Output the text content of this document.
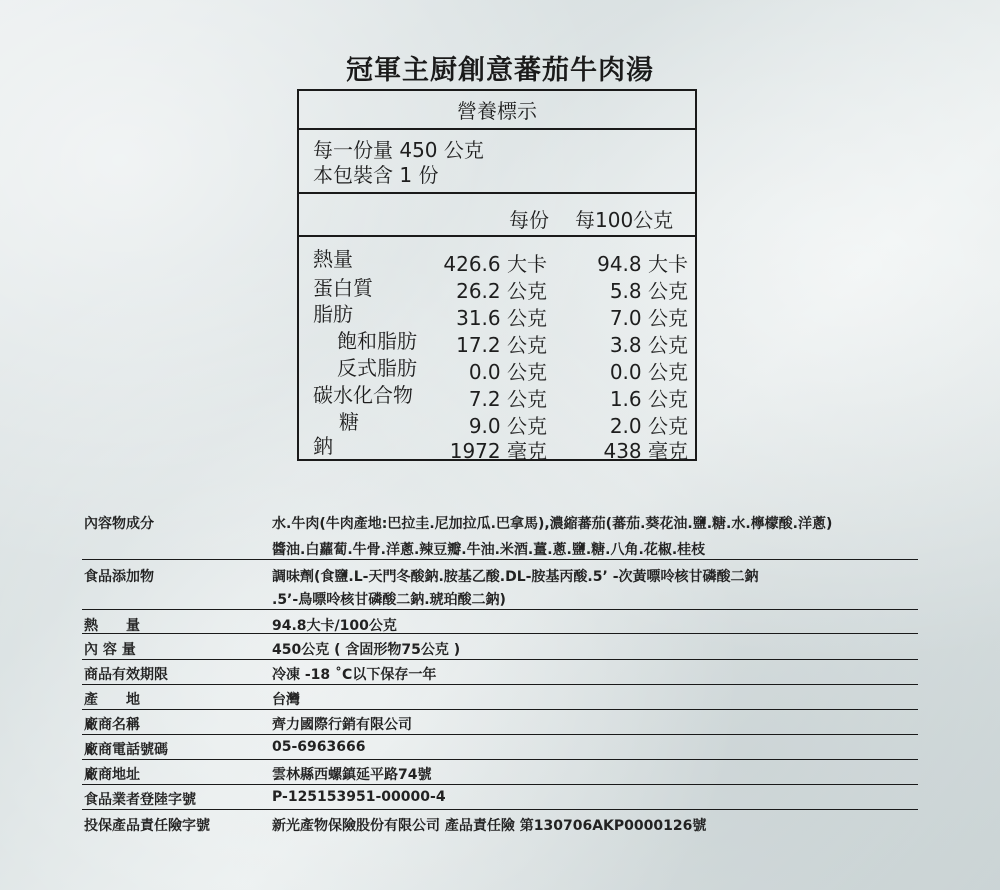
冠軍主厨創意蕃茄牛肉湯
營養標示
每一份量 450 公克
本包裝含 1 份
每份 每100公克
熱量	426.6 大卡	94.8 大卡
蛋白質	26.2 公克	5.8 公克
脂肪	31.6 公克	7.0 公克
飽和脂肪 17.2 公克	3.8 公克
反式脂肪	0.0 公克	0.0 公克
碳水化合物	7.2 公克	1.6 公克
糖	9.0 公克	2.0 公克
鈉	1972 毫克	438 毫克
內容物成分	水.牛肉(牛肉產地:巴拉圭.尼加拉瓜.巴拿馬),濃縮蕃茄(蕃茄.葵花油.鹽.糖.水.檸檬酸.洋蔥)
醬油.白蘿蔔.牛骨.洋蔥.辣豆瓣.牛油.米酒.薑.蔥.鹽.糖.八角.花椒.桂枝
食品添加物	調味劑(食鹽.L-天門冬酸鈉.胺基乙酸.DL-胺基丙酸.5’ -次黃嘌呤核甘磷酸二鈉
.5’-鳥嘌呤核甘磷酸二鈉.琥珀酸二鈉)
熱　　量	94.8大卡/100公克
內 容 量	450公克 ( 含固形物75公克 )
商品有效期限	冷凍 -18 ˚C以下保存一年
產　　地	台灣
廠商名稱	齊力國際行銷有限公司
廠商電話號碼	05-6963666
廠商地址	雲林縣西螺鎮延平路74號
食品業者登陸字號	P-125153951-00000-4
投保產品責任險字號	新光產物保險股份有限公司 產品責任險 第130706AKP0000126號
